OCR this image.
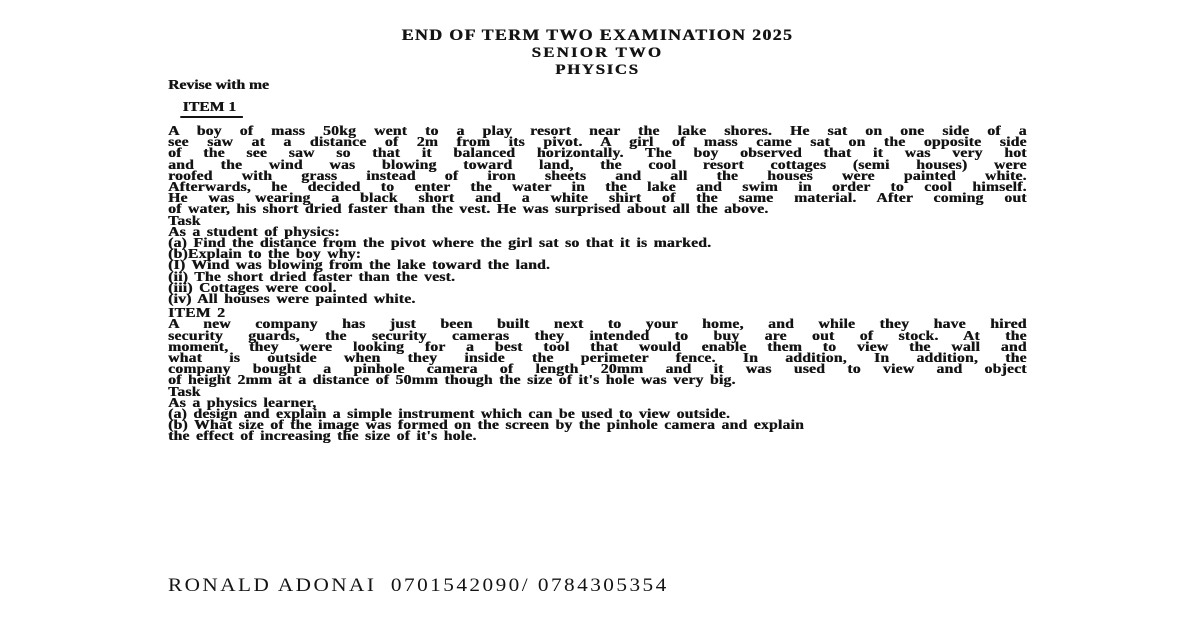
END OF TERM TWO EXAMINATION 2025
SENIOR TWO
PHYSICS
Revise with me
ITEM 1
A boy of mass 50kg went to a play resort near the lake shores. He sat on one side of a
see saw at a distance of 2m from its pivot. A girl of mass came sat on the opposite side
of the see saw so that it balanced horizontally. The boy observed that it was very hot
and the wind was blowing toward land, the cool resort cottages (semi houses) were
roofed with grass instead of iron sheets and all the houses were painted white.
Afterwards, he decided to enter the water in the lake and swim in order to cool himself.
He was wearing a black short and a white shirt of the same material. After coming out
of water, his short dried faster than the vest. He was surprised about all the above.
Task
As a student of physics:
(a) Find the distance from the pivot where the girl sat so that it is marked.
(b)Explain to the boy why:
(I) Wind was blowing from the lake toward the land.
(ii) The short dried faster than the vest.
(iii) Cottages were cool.
(iv) All houses were painted white.
ITEM 2
A new company has just been built next to your home, and while they have hired
security guards, the security cameras they intended to buy are out of stock. At the
moment, they were looking for a best tool that would enable them to view the wall and
what is outside when they inside the perimeter fence. In addition, In addition, the
company bought a pinhole camera of length 20mm and it was used to view and object
of height 2mm at a distance of 50mm though the size of it's hole was very big.
Task
As a physics learner,
(a) design and explain a simple instrument which can be used to view outside.
(b) What size of the image was formed on the screen by the pinhole camera and explain
the effect of increasing the size of it's hole.
RONALD ADONAI 0701542090/ 0784305354
